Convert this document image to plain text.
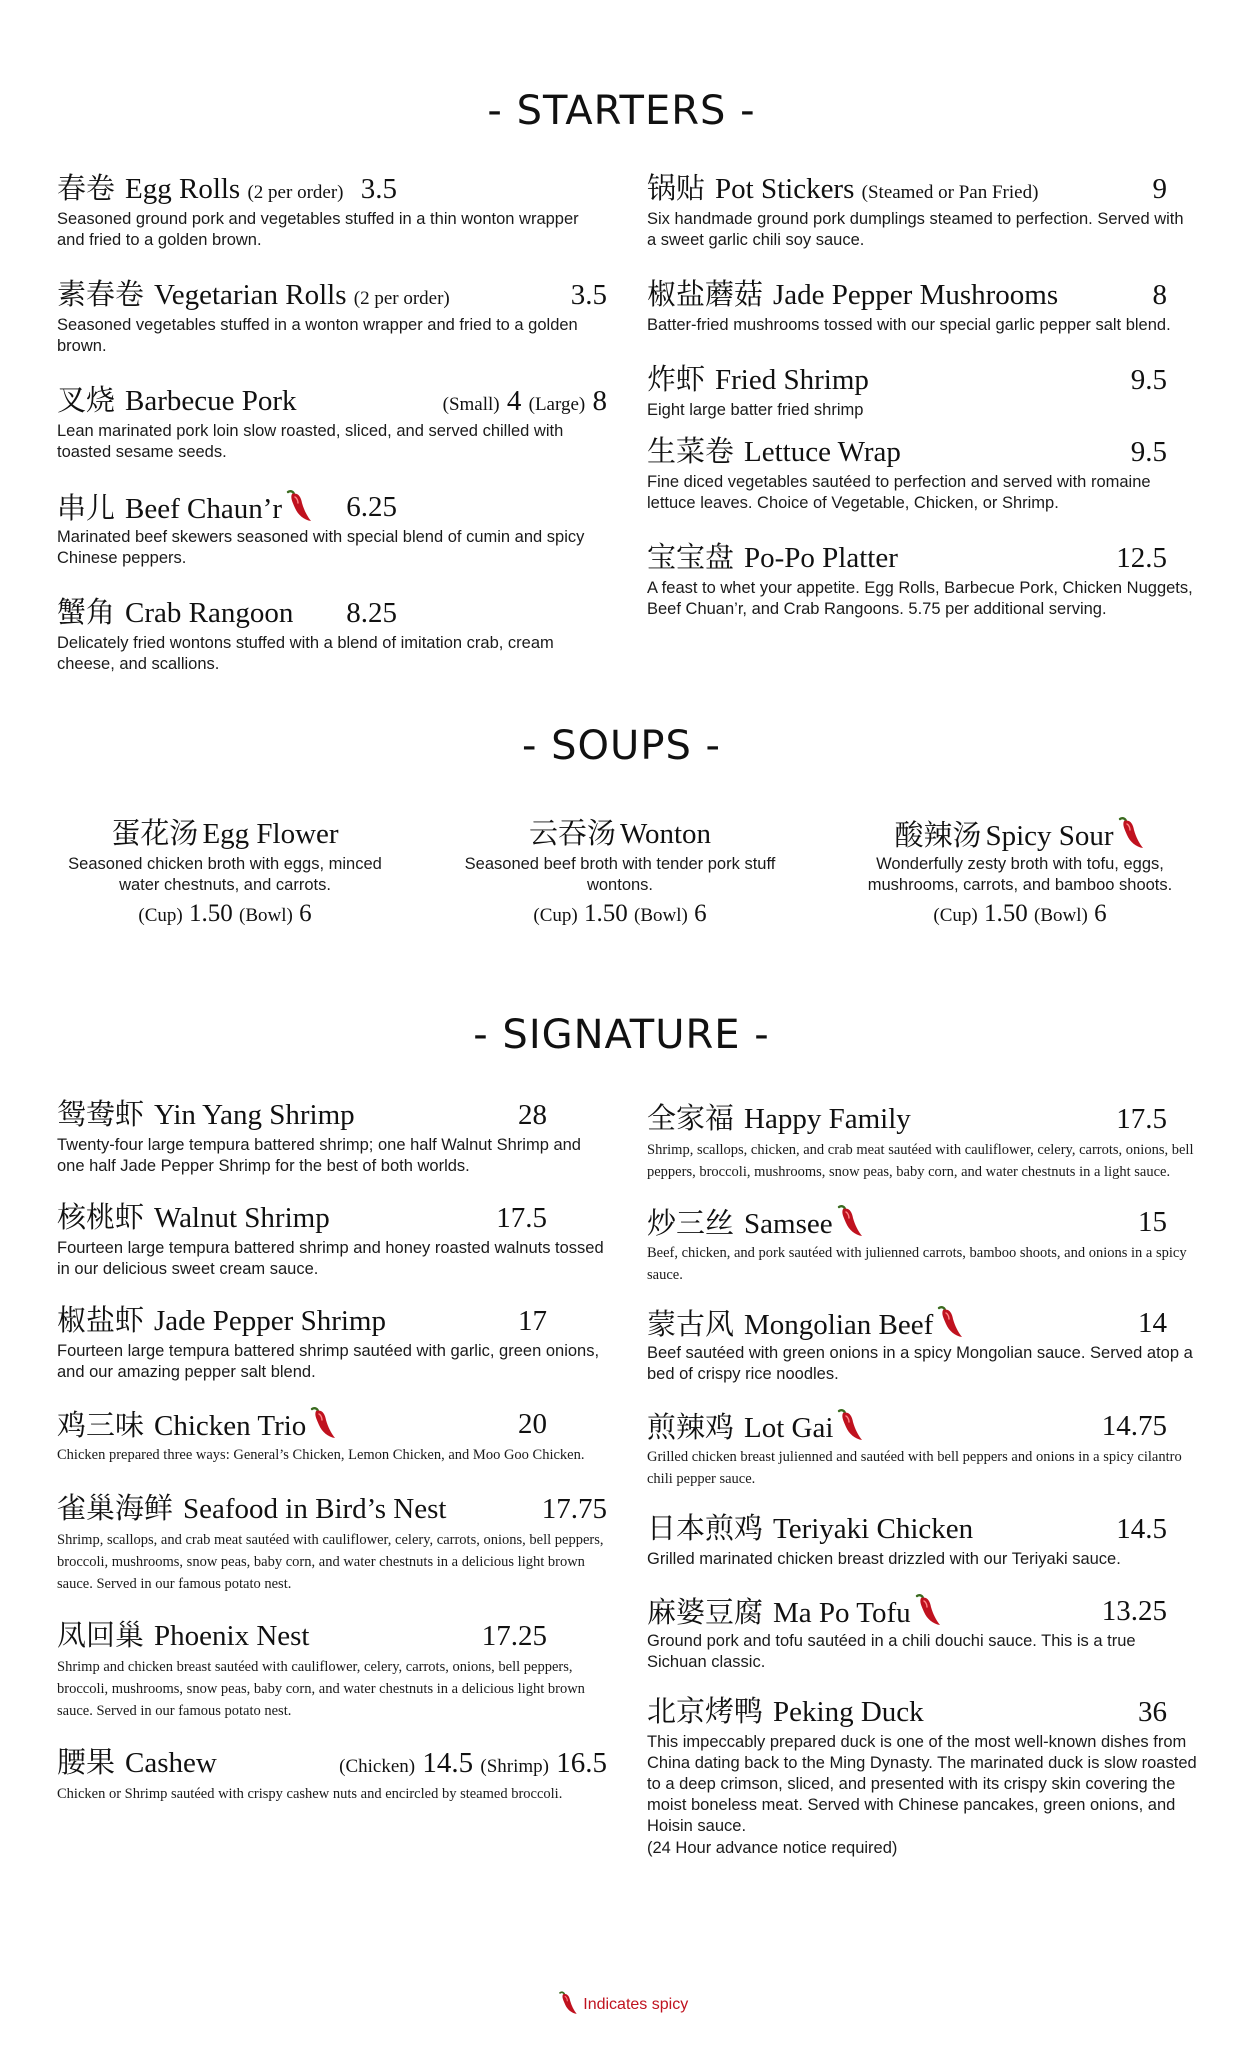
- STARTERS -
春卷 Egg Rolls (2 per order) 3.5
Seasoned ground pork and vegetables stuffed in a thin wonton wrapper and fried to a golden brown.
素春卷 Vegetarian Rolls (2 per order)	3.5
Seasoned vegetables stuffed in a wonton wrapper and fried to a golden brown.
叉烧 Barbecue Pork	(Small) 4 (Large) 8
Lean marinated pork loin slow roasted, sliced, and served chilled with toasted sesame seeds.
串儿 Beef Chaun’r 6.25
Marinated beef skewers seasoned with special blend of cumin and spicy Chinese peppers.
蟹角 Crab Rangoon 8.25
Delicately fried wontons stuffed with a blend of imitation crab, cream cheese, and scallions.
锅贴 Pot Stickers (Steamed or Pan Fried)	9
Six handmade ground pork dumplings steamed to perfection. Served with a sweet garlic chili soy sauce.
椒盐蘑菇 Jade Pepper Mushrooms	8
Batter-fried mushrooms tossed with our special garlic pepper salt blend.
炸虾 Fried Shrimp	9.5
Eight large batter fried shrimp
生菜卷 Lettuce Wrap	9.5
Fine diced vegetables sautéed to perfection and served with romaine lettuce leaves. Choice of Vegetable, Chicken, or Shrimp.
宝宝盘 Po-Po Platter	12.5
A feast to whet your appetite. Egg Rolls, Barbecue Pork, Chicken Nuggets, Beef Chuan’r, and Crab Rangoons. 5.75 per additional serving.
- SOUPS -
蛋花汤 Egg Flower
Seasoned chicken broth with eggs, minced water chestnuts, and carrots.
(Cup) 1.50 (Bowl) 6
云吞汤 Wonton
Seasoned beef broth with tender pork stuff wontons.
(Cup) 1.50 (Bowl) 6
酸辣汤 Spicy Sour
Wonderfully zesty broth with tofu, eggs, mushrooms, carrots, and bamboo shoots.
(Cup) 1.50 (Bowl) 6
- SIGNATURE -
鸳鸯虾 Yin Yang Shrimp	28
Twenty-four large tempura battered shrimp; one half Walnut Shrimp and one half Jade Pepper Shrimp for the best of both worlds.
核桃虾 Walnut Shrimp	17.5
Fourteen large tempura battered shrimp and honey roasted walnuts tossed in our delicious sweet cream sauce.
椒盐虾 Jade Pepper Shrimp	17
Fourteen large tempura battered shrimp sautéed with garlic, green onions, and our amazing pepper salt blend.
鸡三味 Chicken Trio	20
Chicken prepared three ways: General’s Chicken, Lemon Chicken, and Moo Goo Chicken.
雀巢海鲜 Seafood in Bird’s Nest	17.75
Shrimp, scallops, and crab meat sautéed with cauliflower, celery, carrots, onions, bell peppers, broccoli, mushrooms, snow peas, baby corn, and water chestnuts in a delicious light brown sauce. Served in our famous potato nest.
凤回巢 Phoenix Nest	17.25
Shrimp and chicken breast sautéed with cauliflower, celery, carrots, onions, bell peppers, broccoli, mushrooms, snow peas, baby corn, and water chestnuts in a delicious light brown sauce. Served in our famous potato nest.
腰果 Cashew	(Chicken) 14.5 (Shrimp) 16.5
Chicken or Shrimp sautéed with crispy cashew nuts and encircled by steamed broccoli.
全家福 Happy Family	17.5
Shrimp, scallops, chicken, and crab meat sautéed with cauliflower, celery, carrots, onions, bell peppers, broccoli, mushrooms, snow peas, baby corn, and water chestnuts in a light sauce.
炒三丝 Samsee	15
Beef, chicken, and pork sautéed with julienned carrots, bamboo shoots, and onions in a spicy sauce.
蒙古风 Mongolian Beef	14
Beef sautéed with green onions in a spicy Mongolian sauce. Served atop a bed of crispy rice noodles.
煎辣鸡 Lot Gai	14.75
Grilled chicken breast julienned and sautéed with bell peppers and onions in a spicy cilantro chili pepper sauce.
日本煎鸡 Teriyaki Chicken	14.5
Grilled marinated chicken breast drizzled with our Teriyaki sauce.
麻婆豆腐 Ma Po Tofu	13.25
Ground pork and tofu sautéed in a chili douchi sauce. This is a true Sichuan classic.
北京烤鸭 Peking Duck	36
This impeccably prepared duck is one of the most well-known dishes from China dating back to the Ming Dynasty. The marinated duck is slow roasted to a deep crimson, sliced, and presented with its crispy skin covering the moist boneless meat. Served with Chinese pancakes, green onions, and Hoisin sauce.
(24 Hour advance notice required)
Indicates spicy
